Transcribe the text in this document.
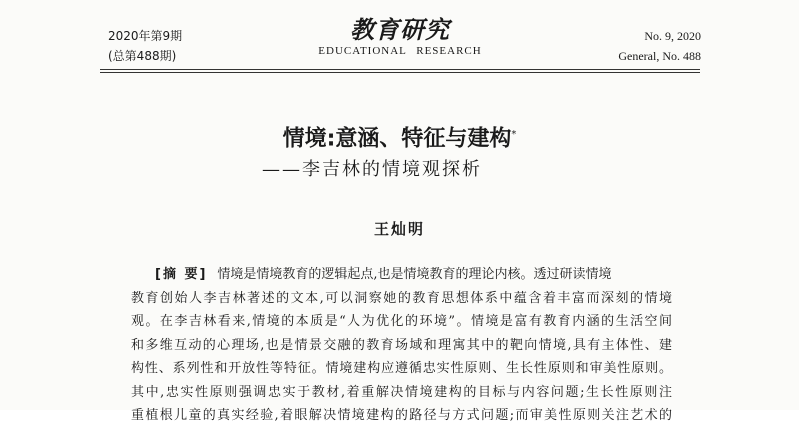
2020年第9期
(总第488期)
教育研究
EDUCATIONAL RESEARCH
No. 9, 2020
General, No. 488
情境:意涵、特征与建构*
——李吉林的情境观探析
王灿明
[摘 要] 情境是情境教育的逻辑起点,也是情境教育的理论内核。透过研读情境
教育创始人李吉林著述的文本,可以洞察她的教育思想体系中蕴含着丰富而深刻的情境
观。在李吉林看来,情境的本质是“人为优化的环境”。情境是富有教育内涵的生活空间
和多维互动的心理场,也是情景交融的教育场域和理寓其中的靶向情境,具有主体性、建
构性、系列性和开放性等特征。情境建构应遵循忠实性原则、生长性原则和审美性原则。
其中,忠实性原则强调忠实于教材,着重解决情境建构的目标与内容问题;生长性原则注
重植根儿童的真实经验,着眼解决情境建构的路径与方式问题;而审美性原则关注艺术的
